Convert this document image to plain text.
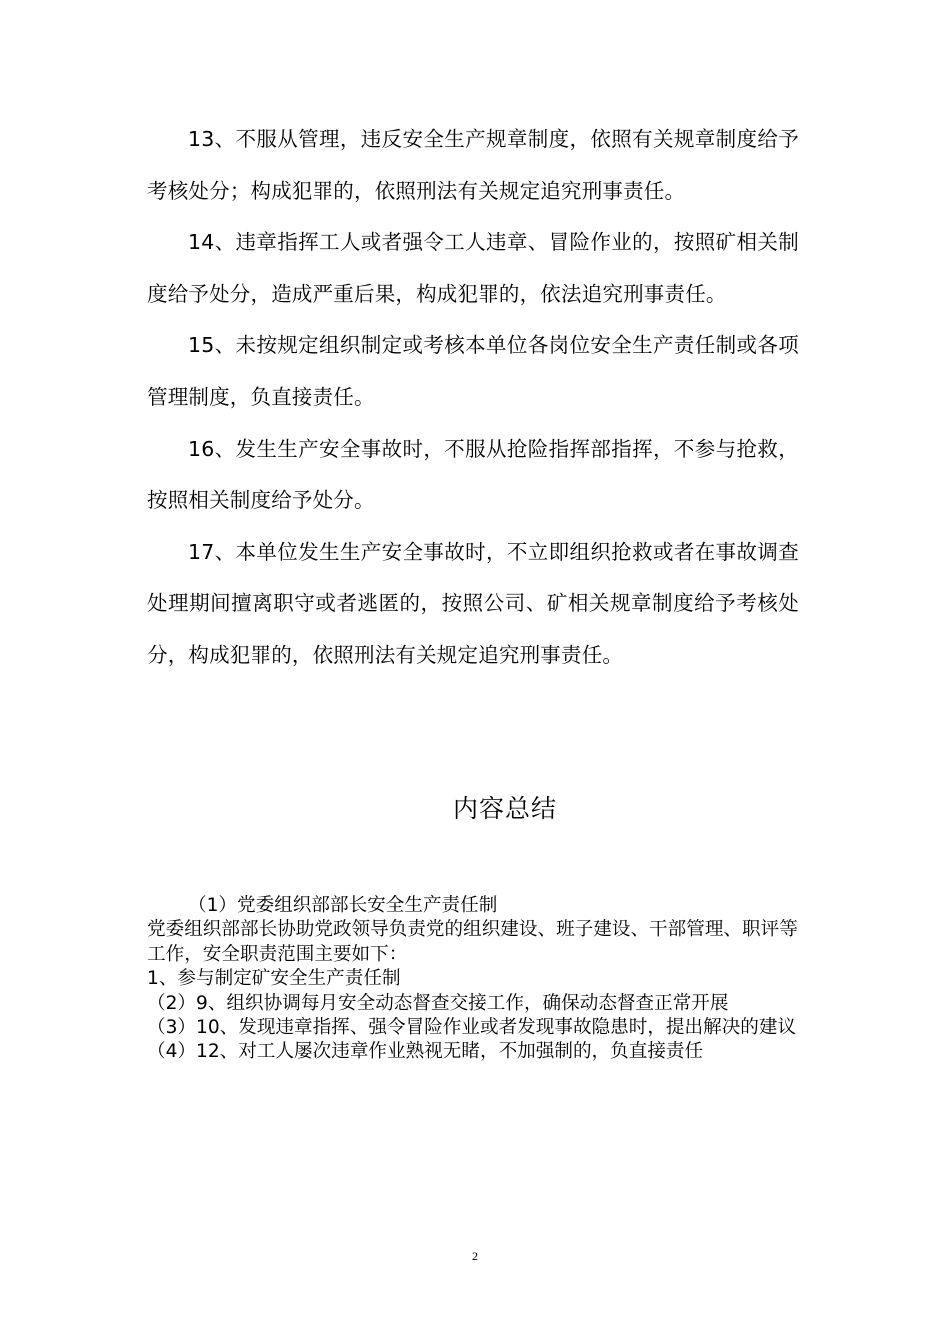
13、不服从管理，违反安全生产规章制度，依照有关规章制度给予考核处分；构成犯罪的，依照刑法有关规定追究刑事责任。

14、违章指挥工人或者强令工人违章、冒险作业的，按照矿相关制度给予处分，造成严重后果，构成犯罪的，依法追究刑事责任。

15、未按规定组织制定或考核本单位各岗位安全生产责任制或各项管理制度，负直接责任。

16、发生生产安全事故时，不服从抢险指挥部指挥，不参与抢救，按照相关制度给予处分。

17、本单位发生生产安全事故时，不立即组织抢救或者在事故调查处理期间擅离职守或者逃匿的，按照公司、矿相关规章制度给予考核处分，构成犯罪的，依照刑法有关规定追究刑事责任。

内容总结
（1）党委组织部部长安全生产责任制
党委组织部部长协助党政领导负责党的组织建设、班子建设、干部管理、职评等工作，安全职责范围主要如下：
1、参与制定矿安全生产责任制
（2）9、组织协调每月安全动态督查交接工作，确保动态督查正常开展
（3）10、发现违章指挥、强令冒险作业或者发现事故隐患时，提出解决的建议
（4）12、对工人屡次违章作业熟视无睹，不加强制的，负直接责任
2
